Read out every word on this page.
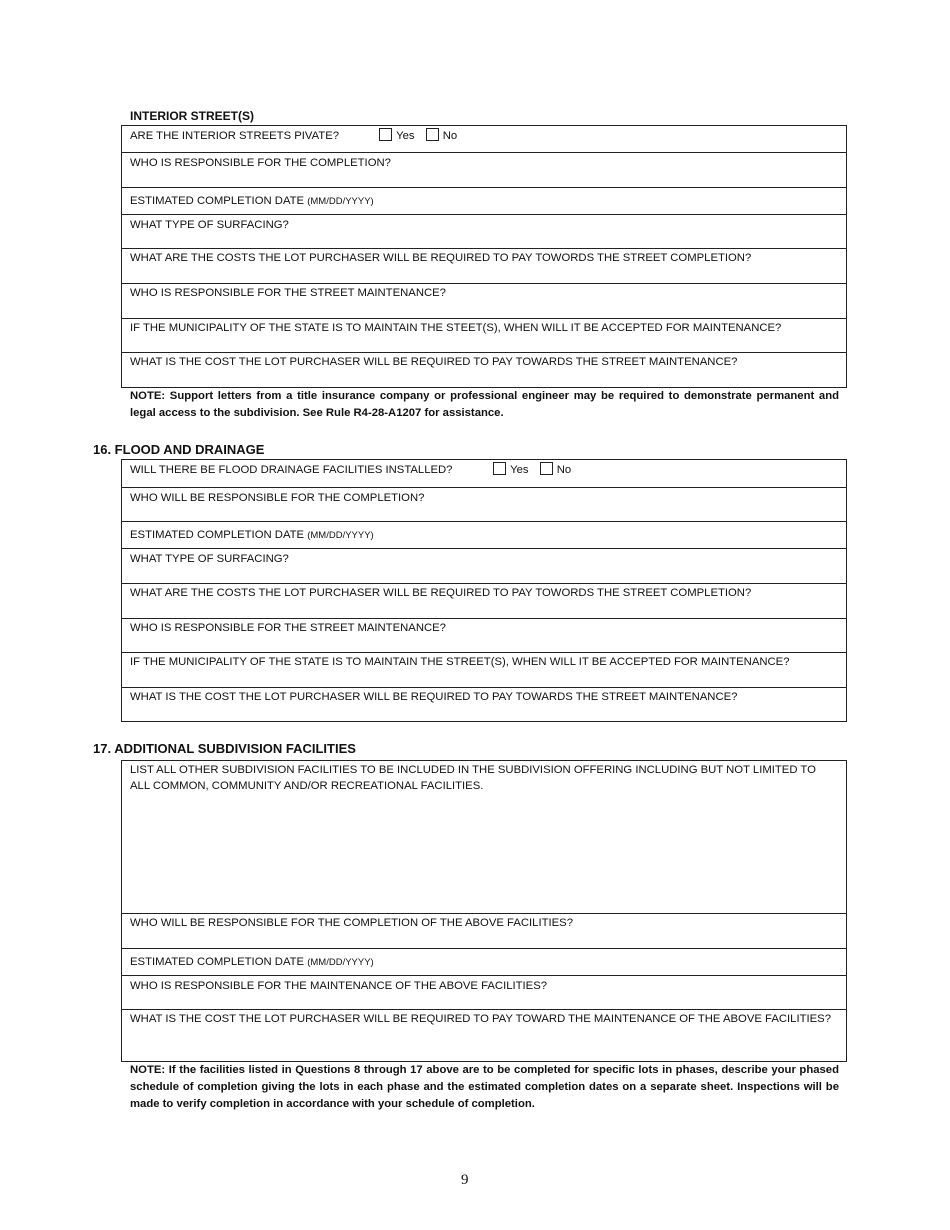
INTERIOR STREET(S)
ARE THE INTERIOR STREETS PIVATE?	Yes No
WHO IS RESPONSIBLE FOR THE COMPLETION?
ESTIMATED COMPLETION DATE (MM/DD/YYYY)
WHAT TYPE OF SURFACING?
WHAT ARE THE COSTS THE LOT PURCHASER WILL BE REQUIRED TO PAY TOWORDS THE STREET COMPLETION?
WHO IS RESPONSIBLE FOR THE STREET MAINTENANCE?
IF THE MUNICIPALITY OF THE STATE IS TO MAINTAIN THE STEET(S), WHEN WILL IT BE ACCEPTED FOR MAINTENANCE?
WHAT IS THE COST THE LOT PURCHASER WILL BE REQUIRED TO PAY TOWARDS THE STREET MAINTENANCE?
NOTE: Support letters from a title insurance company or professional engineer may be required to demonstrate permanent and legal access to the subdivision. See Rule R4-28-A1207 for assistance.
16. FLOOD AND DRAINAGE
WILL THERE BE FLOOD DRAINAGE FACILITIES INSTALLED?	Yes No
WHO WILL BE RESPONSIBLE FOR THE COMPLETION?
ESTIMATED COMPLETION DATE (MM/DD/YYYY)
WHAT TYPE OF SURFACING?
WHAT ARE THE COSTS THE LOT PURCHASER WILL BE REQUIRED TO PAY TOWORDS THE STREET COMPLETION?
WHO IS RESPONSIBLE FOR THE STREET MAINTENANCE?
IF THE MUNICIPALITY OF THE STATE IS TO MAINTAIN THE STREET(S), WHEN WILL IT BE ACCEPTED FOR MAINTENANCE?
WHAT IS THE COST THE LOT PURCHASER WILL BE REQUIRED TO PAY TOWARDS THE STREET MAINTENANCE?
17. ADDITIONAL SUBDIVISION FACILITIES
LIST ALL OTHER SUBDIVISION FACILITIES TO BE INCLUDED IN THE SUBDIVISION OFFERING INCLUDING BUT NOT LIMITED TO ALL COMMON, COMMUNITY AND/OR RECREATIONAL FACILITIES.
WHO WILL BE RESPONSIBLE FOR THE COMPLETION OF THE ABOVE FACILITIES?
ESTIMATED COMPLETION DATE (MM/DD/YYYY)
WHO IS RESPONSIBLE FOR THE MAINTENANCE OF THE ABOVE FACILITIES?
WHAT IS THE COST THE LOT PURCHASER WILL BE REQUIRED TO PAY TOWARD THE MAINTENANCE OF THE ABOVE FACILITIES?
NOTE: If the facilities listed in Questions 8 through 17 above are to be completed for specific lots in phases, describe your phased schedule of completion giving the lots in each phase and the estimated completion dates on a separate sheet. Inspections will be made to verify completion in accordance with your schedule of completion.
9
